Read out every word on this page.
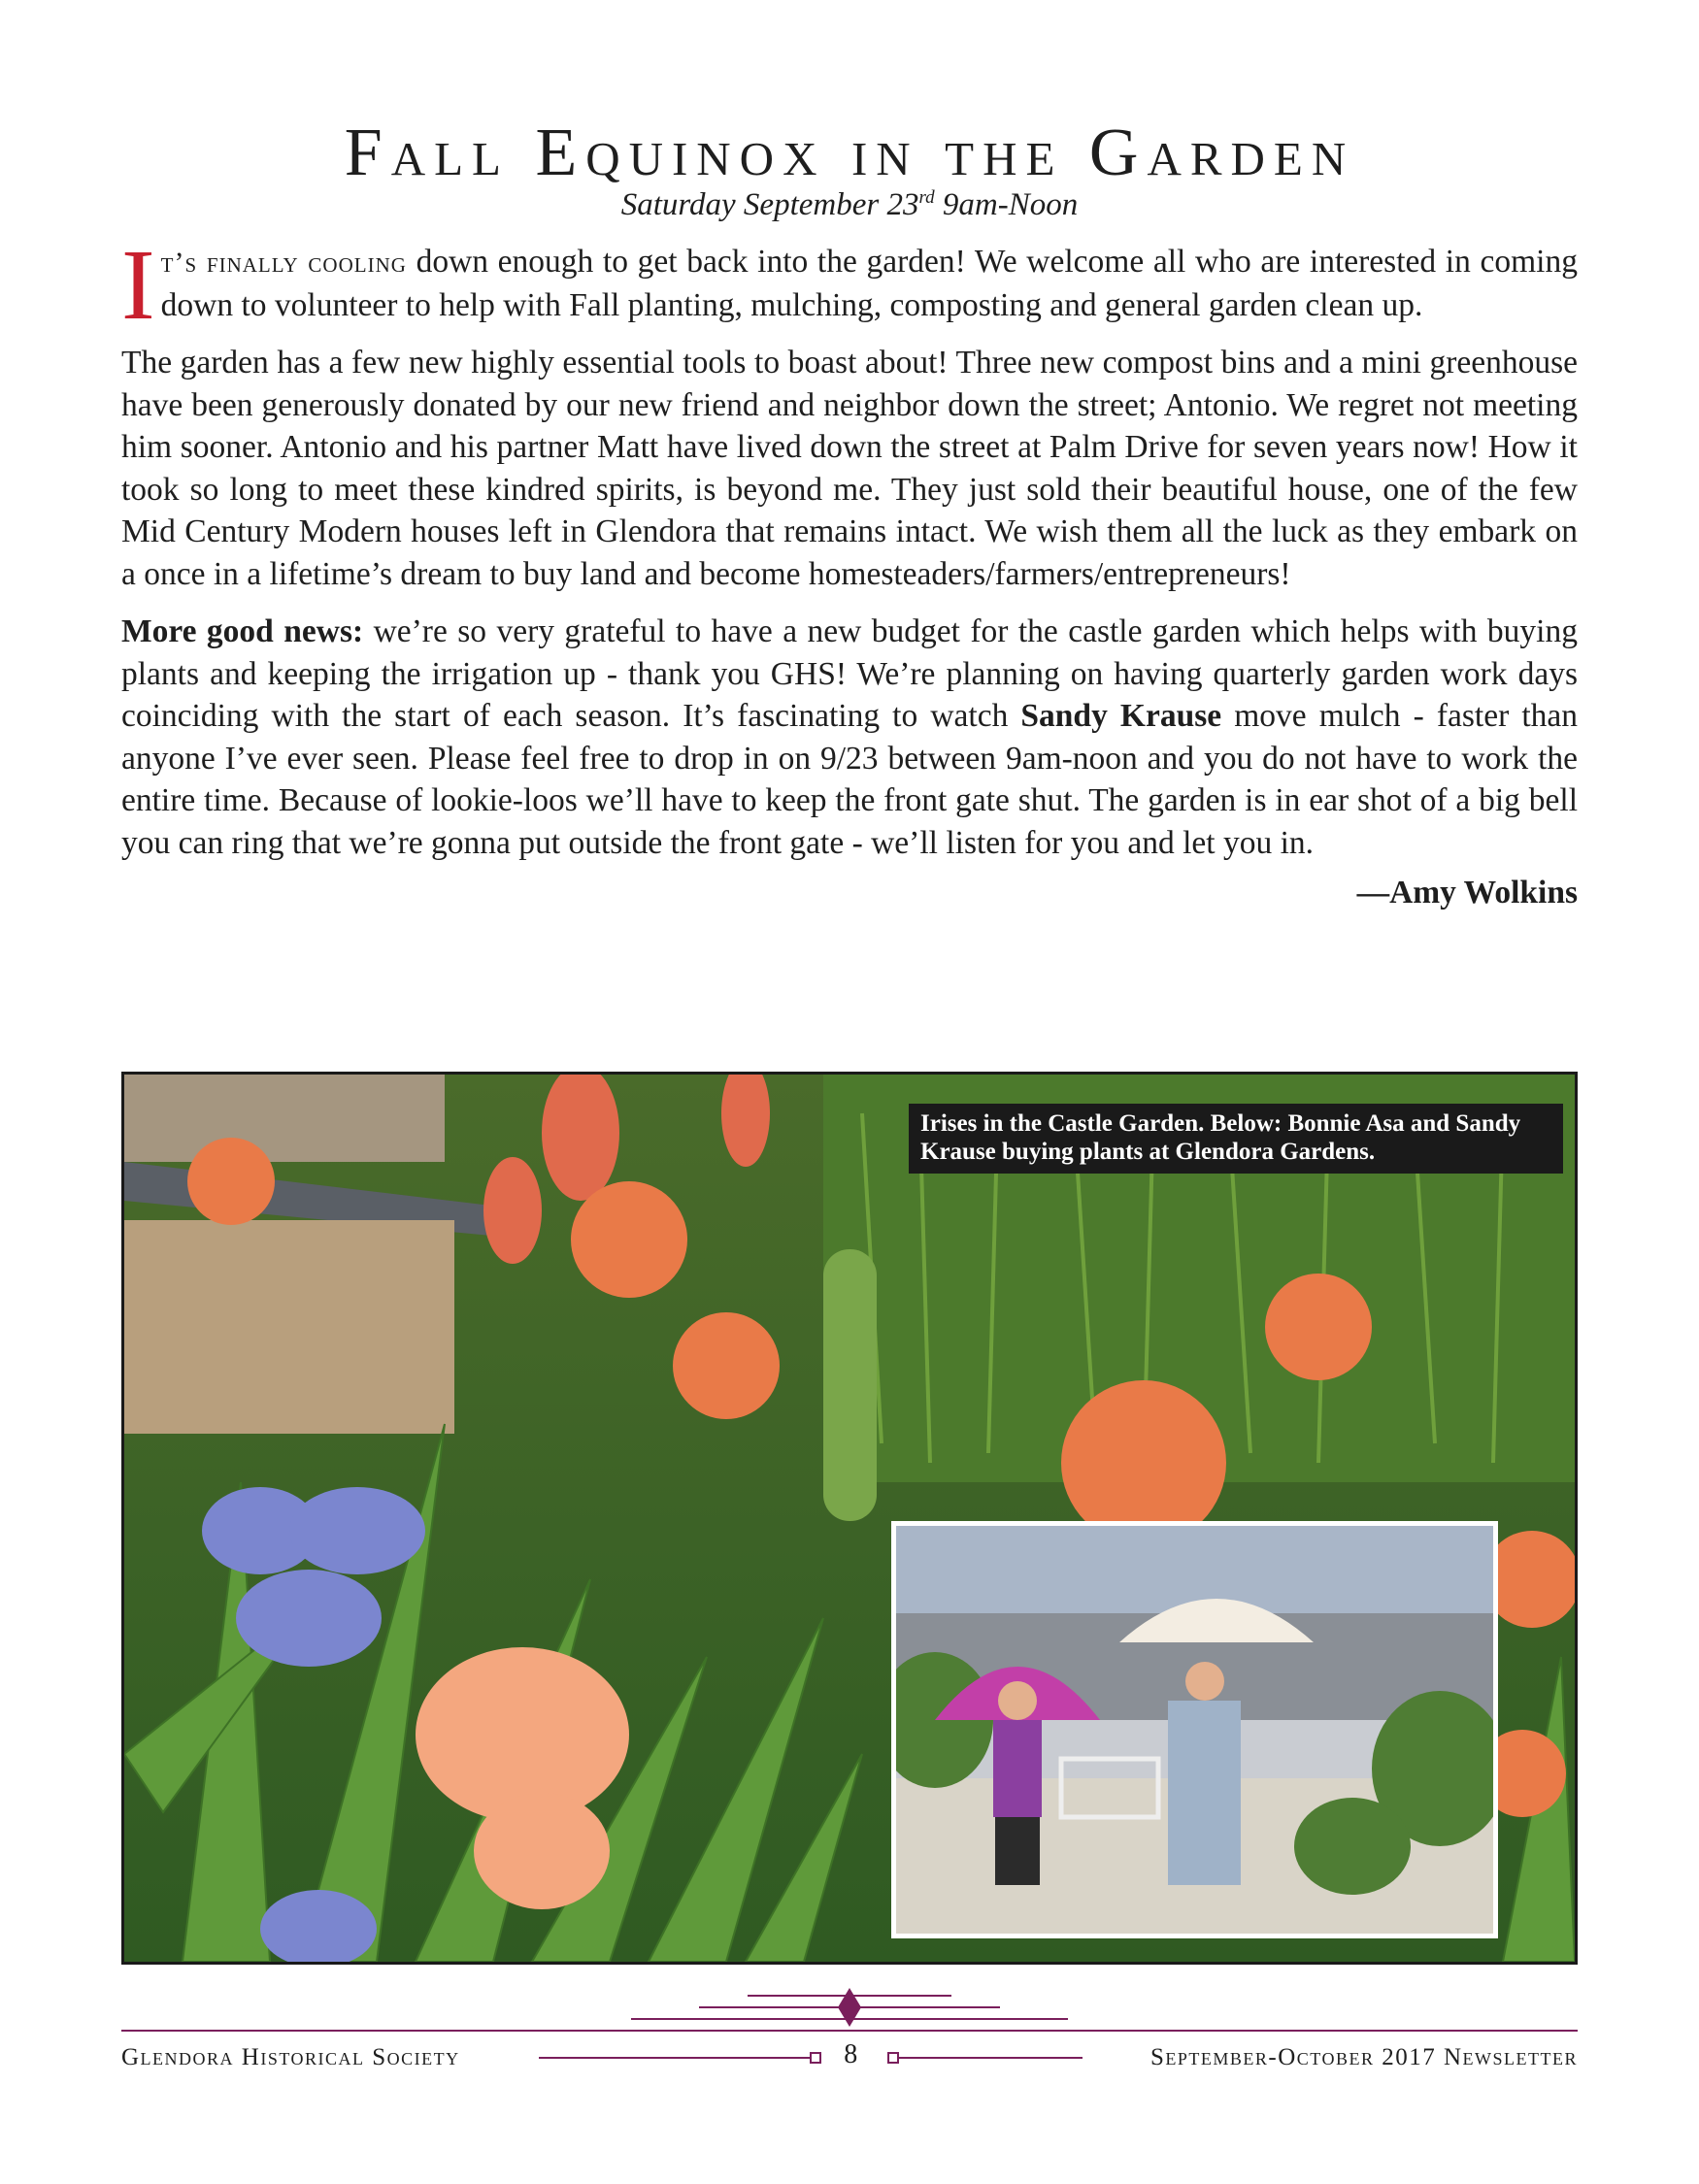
Fall Equinox in the Garden
Saturday September 23rd 9am-Noon

It’s finally cooling down enough to get back into the garden! We welcome all who are interested in coming down to volunteer to help with Fall planting, mulching, composting and general garden clean up.

The garden has a few new highly essential tools to boast about! Three new compost bins and a mini greenhouse have been generously donated by our new friend and neighbor down the street; Antonio. We regret not meeting him sooner. Antonio and his partner Matt have lived down the street at Palm Drive for seven years now! How it took so long to meet these kindred spirits, is beyond me. They just sold their beautiful house, one of the few Mid Century Modern houses left in Glendora that remains intact. We wish them all the luck as they embark on a once in a lifetime’s dream to buy land and become homesteaders/farmers/entrepreneurs!

More good news: we’re so very grateful to have a new budget for the castle garden which helps with buying plants and keeping the irrigation up - thank you GHS! We’re planning on having quarterly garden work days coinciding with the start of each season. It’s fascinating to watch Sandy Krause move mulch - faster than anyone I’ve ever seen. Please feel free to drop in on 9/23 between 9am-noon and you do not have to work the entire time. Because of lookie-loos we’ll have to keep the front gate shut. The garden is in ear shot of a big bell you can ring that we’re gonna put outside the front gate - we’ll listen for you and let you in.

—Amy Wolkins
Irises in the Castle Garden. Below: Bonnie Asa and Sandy Krause buying plants at Glendora Gardens.
Glendora Historical Society	8	September-October 2017 Newsletter
